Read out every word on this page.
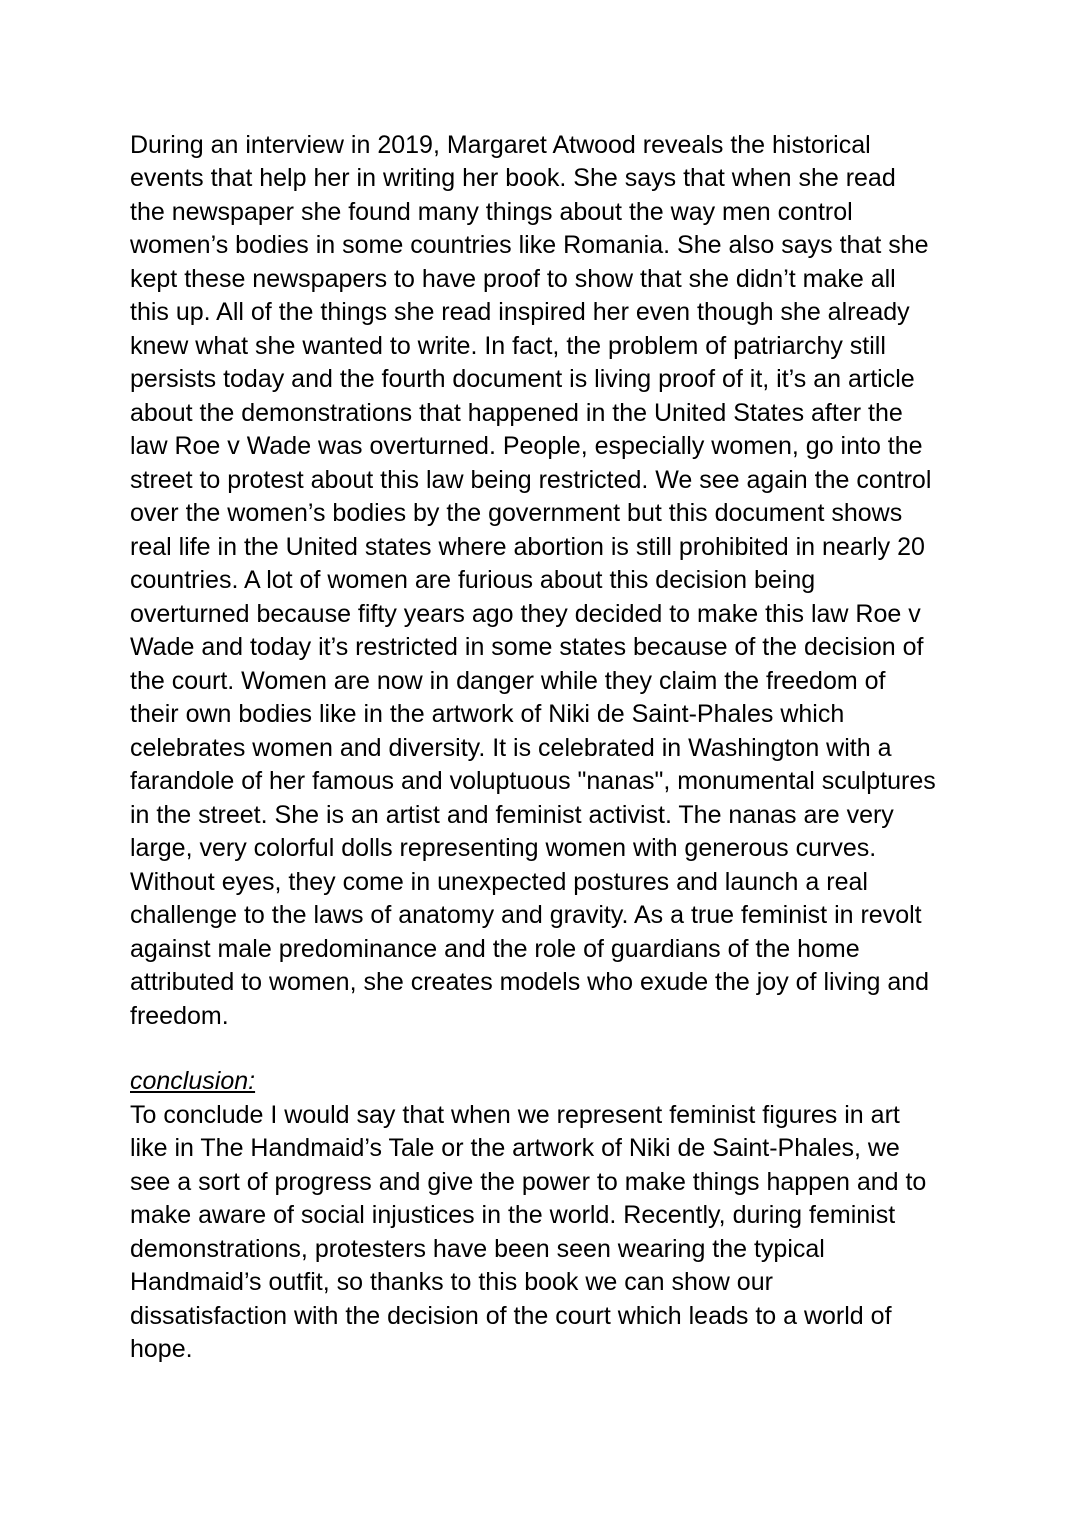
During an interview in 2019, Margaret Atwood reveals the historical
events that help her in writing her book. She says that when she read
the newspaper she found many things about the way men control
women’s bodies in some countries like Romania. She also says that she
kept these newspapers to have proof to show that she didn’t make all
this up. All of the things she read inspired her even though she already
knew what she wanted to write. In fact, the problem of patriarchy still
persists today and the fourth document is living proof of it, it’s an article
about the demonstrations that happened in the United States after the
law Roe v Wade was overturned. People, especially women, go into the
street to protest about this law being restricted. We see again the control
over the women’s bodies by the government but this document shows
real life in the United states where abortion is still prohibited in nearly 20
countries. A lot of women are furious about this decision being
overturned because fifty years ago they decided to make this law Roe v
Wade and today it’s restricted in some states because of the decision of
the court. Women are now in danger while they claim the freedom of
their own bodies like in the artwork of Niki de Saint-Phales which
celebrates women and diversity. It is celebrated in Washington with a
farandole of her famous and voluptuous "nanas", monumental sculptures
in the street. She is an artist and feminist activist. The nanas are very
large, very colorful dolls representing women with generous curves.
Without eyes, they come in unexpected postures and launch a real
challenge to the laws of anatomy and gravity. As a true feminist in revolt
against male predominance and the role of guardians of the home
attributed to women, she creates models who exude the joy of living and
freedom.
conclusion:
To conclude I would say that when we represent feminist figures in art
like in The Handmaid’s Tale or the artwork of Niki de Saint-Phales, we
see a sort of progress and give the power to make things happen and to
make aware of social injustices in the world. Recently, during feminist
demonstrations, protesters have been seen wearing the typical
Handmaid’s outfit, so thanks to this book we can show our
dissatisfaction with the decision of the court which leads to a world of
hope.
